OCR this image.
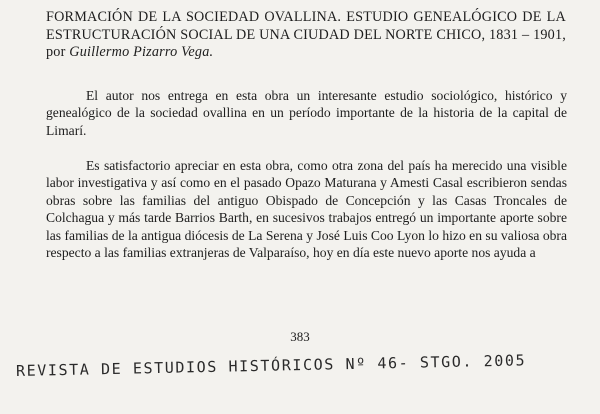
FORMACIÓN DE LA SOCIEDAD OVALLINA. ESTUDIO GENEALÓGICO DE LA ESTRUCTURACIÓN SOCIAL DE UNA CIUDAD DEL NORTE CHICO, 1831 – 1901, por Guillermo Pizarro Vega.

El autor nos entrega en esta obra un interesante estudio sociológico, histórico y genealógico de la sociedad ovallina en un período importante de la historia de la capital de Limarí.

Es satisfactorio apreciar en esta obra, como otra zona del país ha merecido una visible labor investigativa y así como en el pasado Opazo Maturana y Amesti Casal escribieron sendas obras sobre las familias del antiguo Obispado de Concepción y las Casas Troncales de Colchagua y más tarde Barrios Barth, en sucesivos trabajos entregó un importante aporte sobre las familias de la antigua diócesis de La Serena y José Luis Coo Lyon lo hizo en su valiosa obra respecto a las familias extranjeras de Valparaíso, hoy en día este nuevo aporte nos ayuda a

383
REVISTA DE ESTUDIOS HISTÓRICOS Nº 46- STGO. 2005
